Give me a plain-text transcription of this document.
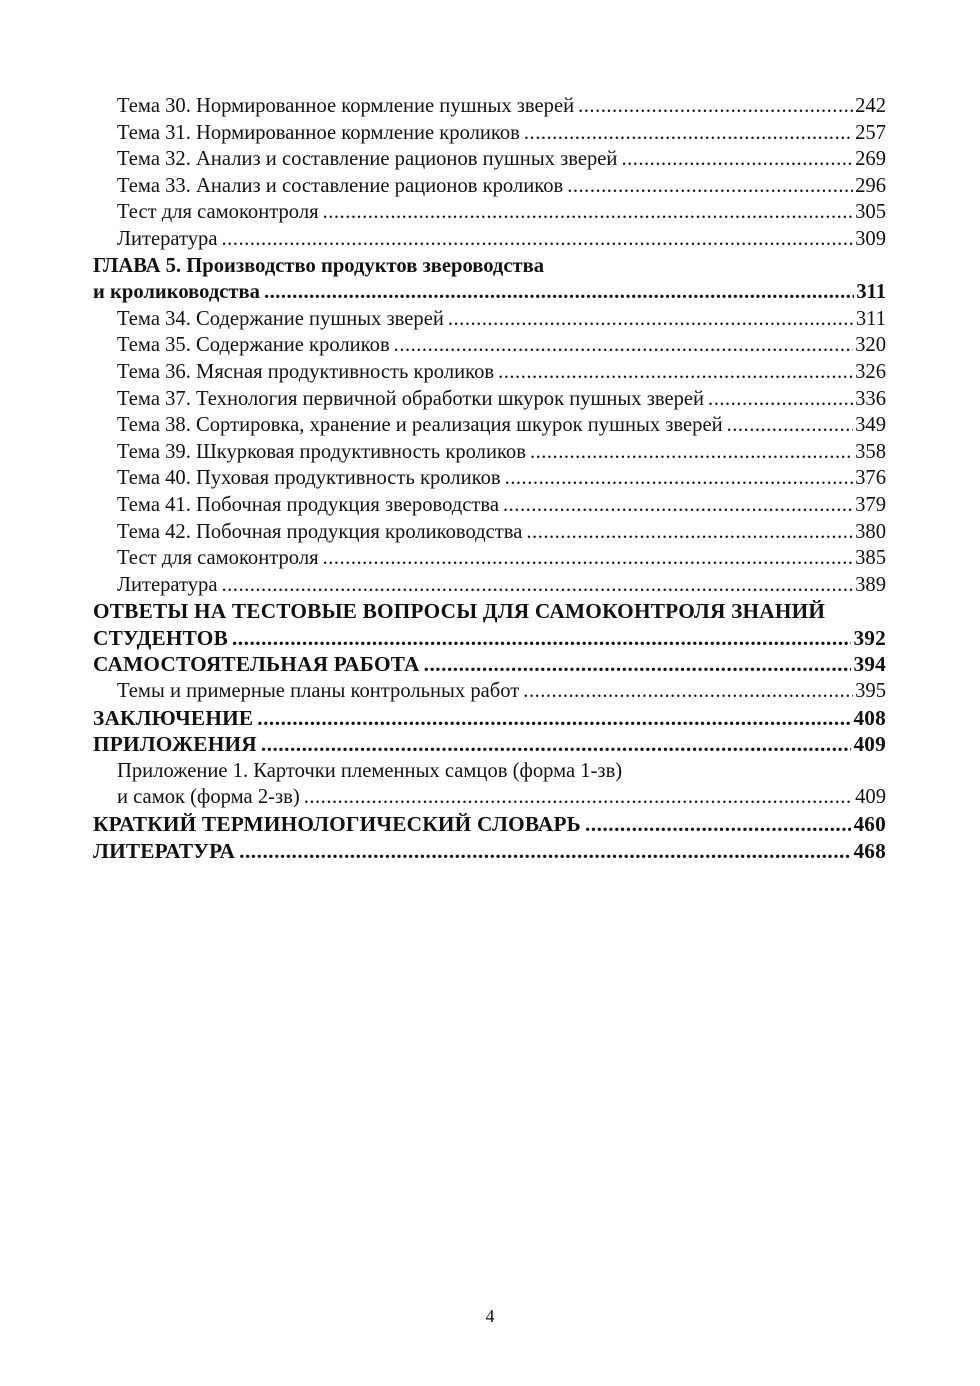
Тема 30. Нормированное кормление пушных зверей .....	242
Тема 31. Нормированное кормление кроликов .....	257
Тема 32. Анализ и составление рационов пушных зверей .....	269
Тема 33. Анализ и составление рационов кроликов .....	296
Тест для самоконтроля .....	305
Литература .....	309
ГЛАВА 5. Производство продуктов звероводства
и кролиководства .....	311
Тема 34. Содержание пушных зверей .....	311
Тема 35. Содержание кроликов .....	320
Тема 36. Мясная продуктивность кроликов .....	326
Тема 37. Технология первичной обработки шкурок пушных зверей .....	336
Тема 38. Сортировка, хранение и реализация шкурок пушных зверей .....	349
Тема 39. Шкурковая продуктивность кроликов .....	358
Тема 40. Пуховая продуктивность кроликов .....	376
Тема 41. Побочная продукция звероводства .....	379
Тема 42. Побочная продукция кролиководства .....	380
Тест для самоконтроля .....	385
Литература .....	389
ОТВЕТЫ НА ТЕСТОВЫЕ ВОПРОСЫ ДЛЯ САМОКОНТРОЛЯ ЗНАНИЙ
СТУДЕНТОВ .....	392
САМОСТОЯТЕЛЬНАЯ РАБОТА .....	394
Темы и примерные планы контрольных работ .....	395
ЗАКЛЮЧЕНИЕ .....	408
ПРИЛОЖЕНИЯ .....	409
Приложение 1. Карточки племенных самцов (форма 1-зв)
и самок (форма 2-зв) .....	409
КРАТКИЙ ТЕРМИНОЛОГИЧЕСКИЙ СЛОВАРЬ .....	460
ЛИТЕРАТУРА .....	468
4
